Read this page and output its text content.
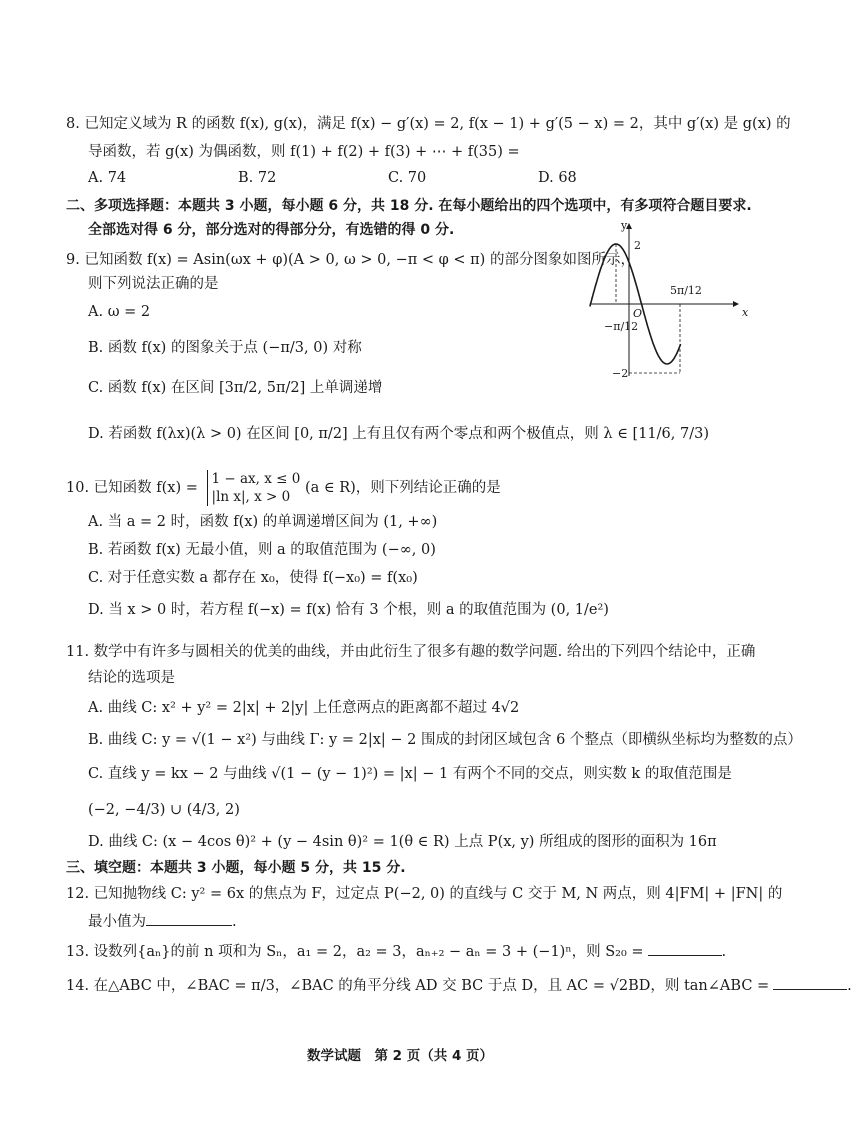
8. 已知定义域为 R 的函数 f(x), g(x)，满足 f(x) − g′(x) = 2, f(x − 1) + g′(5 − x) = 2，其中 g′(x) 是 g(x) 的
导函数，若 g(x) 为偶函数，则 f(1) + f(2) + f(3) + ⋯ + f(35) =
A. 74	B. 72	C. 70	D. 68
二、多项选择题：本题共 3 小题，每小题 6 分，共 18 分. 在每小题给出的四个选项中，有多项符合题目要求.
全部选对得 6 分，部分选对的得部分分，有选错的得 0 分.
9. 已知函数 f(x) = Asin(ωx + φ)(A > 0, ω > 0, −π < φ < π) 的部分图象如图所示，
则下列说法正确的是
A. ω = 2
B. 函数 f(x) 的图象关于点 (−π/3, 0) 对称
C. 函数 f(x) 在区间 [3π/2, 5π/2] 上单调递增
D. 若函数 f(λx)(λ > 0) 在区间 [0, π/2] 上有且仅有两个零点和两个极值点，则 λ ∈ [11/6, 7/3)
y
x
O
2
−2
−π/12
5π/12
10. 已知函数 f(x) =
1 − ax, x ≤ 0
|ln x|, x > 0
(a ∈ R)，则下列结论正确的是
A. 当 a = 2 时，函数 f(x) 的单调递增区间为 (1, +∞)
B. 若函数 f(x) 无最小值，则 a 的取值范围为 (−∞, 0)
C. 对于任意实数 a 都存在 x₀，使得 f(−x₀) = f(x₀)
D. 当 x > 0 时，若方程 f(−x) = f(x) 恰有 3 个根，则 a 的取值范围为 (0, 1/e²)
11. 数学中有许多与圆相关的优美的曲线，并由此衍生了很多有趣的数学问题. 给出的下列四个结论中，正确
结论的选项是
A. 曲线 C: x² + y² = 2|x| + 2|y| 上任意两点的距离都不超过 4√2
B. 曲线 C: y = √(1 − x²) 与曲线 Γ: y = 2|x| − 2 围成的封闭区域包含 6 个整点（即横纵坐标均为整数的点）
C. 直线 y = kx − 2 与曲线 √(1 − (y − 1)²) = |x| − 1 有两个不同的交点，则实数 k 的取值范围是
(−2, −4/3) ∪ (4/3, 2)
D. 曲线 C: (x − 4cos θ)² + (y − 4sin θ)² = 1(θ ∈ R) 上点 P(x, y) 所组成的图形的面积为 16π
三、填空题：本题共 3 小题，每小题 5 分，共 15 分.
12. 已知抛物线 C: y² = 6x 的焦点为 F，过定点 P(−2, 0) 的直线与 C 交于 M, N 两点，则 4|FM| + |FN| 的
最小值为	.
13. 设数列{aₙ}的前 n 项和为 Sₙ，a₁ = 2，a₂ = 3，aₙ₊₂ − aₙ = 3 + (−1)ⁿ，则 S₂₀ =	.
14. 在△ABC 中，∠BAC = π/3，∠BAC 的角平分线 AD 交 BC 于点 D，且 AC = √2BD，则 tan∠ABC =	.
数学试题　第 2 页（共 4 页）
